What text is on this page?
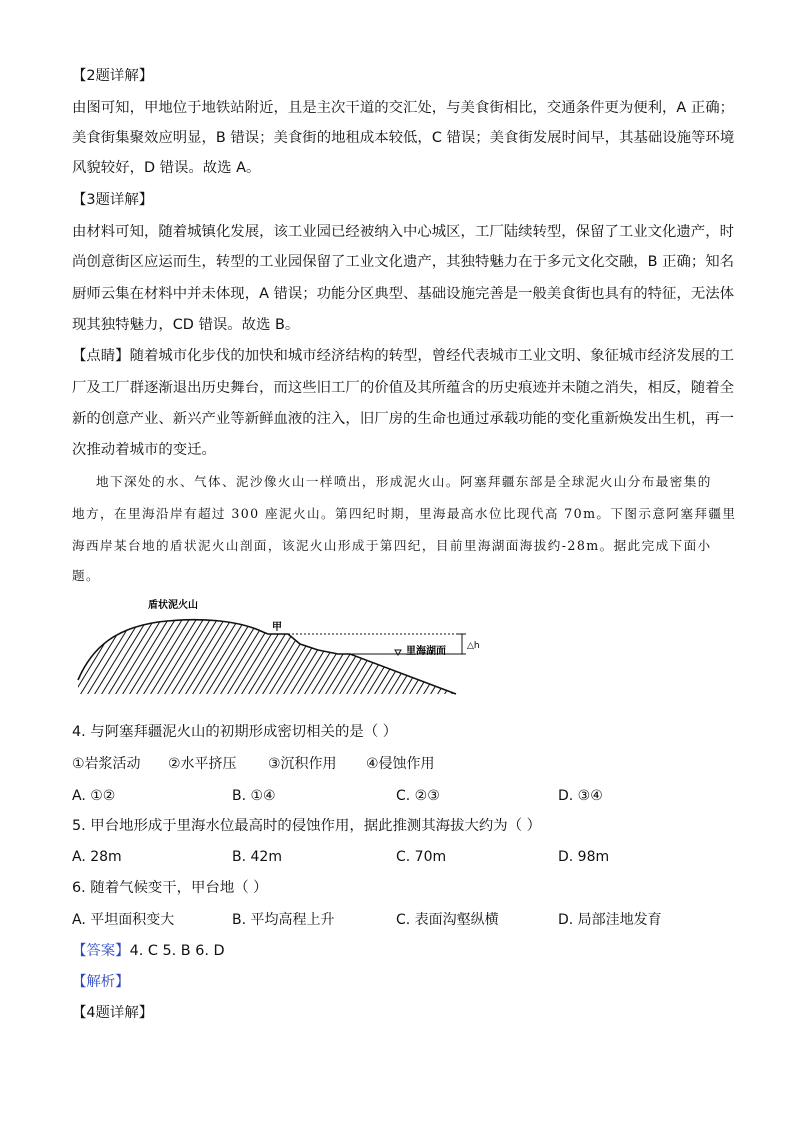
【2题详解】
由图可知，甲地位于地铁站附近，且是主次干道的交汇处，与美食街相比，交通条件更为便利，A 正确；
美食街集聚效应明显，B 错误；美食街的地租成本较低，C 错误；美食街发展时间早，其基础设施等环境
风貌较好，D 错误。故选 A。
【3题详解】
由材料可知，随着城镇化发展，该工业园已经被纳入中心城区，工厂陆续转型，保留了工业文化遗产，时
尚创意街区应运而生，转型的工业园保留了工业文化遗产，其独特魅力在于多元文化交融，B 正确；知名
厨师云集在材料中并未体现，A 错误；功能分区典型、基础设施完善是一般美食街也具有的特征，无法体
现其独特魅力，CD 错误。故选 B。
【点睛】随着城市化步伐的加快和城市经济结构的转型，曾经代表城市工业文明、象征城市经济发展的工
厂及工厂群逐渐退出历史舞台，而这些旧工厂的价值及其所蕴含的历史痕迹并未随之消失，相反，随着全
新的创意产业、新兴产业等新鲜血液的注入，旧厂房的生命也通过承载功能的变化重新焕发出生机，再一
次推动着城市的变迁。
地下深处的水、气体、泥沙像火山一样喷出，形成泥火山。阿塞拜疆东部是全球泥火山分布最密集的
地方，在里海沿岸有超过 300 座泥火山。第四纪时期，里海最高水位比现代高 70m。下图示意阿塞拜疆里
海西岸某台地的盾状泥火山剖面，该泥火山形成于第四纪，目前里海湖面海拔约-28m。据此完成下面小
题。
盾状泥火山
甲
里海湖面 △h
4. 与阿塞拜疆泥火山的初期形成密切相关的是（ ）
①岩浆活动 ②水平挤压 ③沉积作用 ④侵蚀作用
A. ①②	B. ①④	C. ②③	D. ③④
5. 甲台地形成于里海水位最高时的侵蚀作用，据此推测其海拔大约为（ ）
A. 28m	B. 42m	C. 70m	D. 98m
6. 随着气候变干，甲台地（ ）
A. 平坦面积变大	B. 平均高程上升	C. 表面沟壑纵横	D. 局部洼地发育
【答案】4. C 5. B 6. D
【解析】
【4题详解】
